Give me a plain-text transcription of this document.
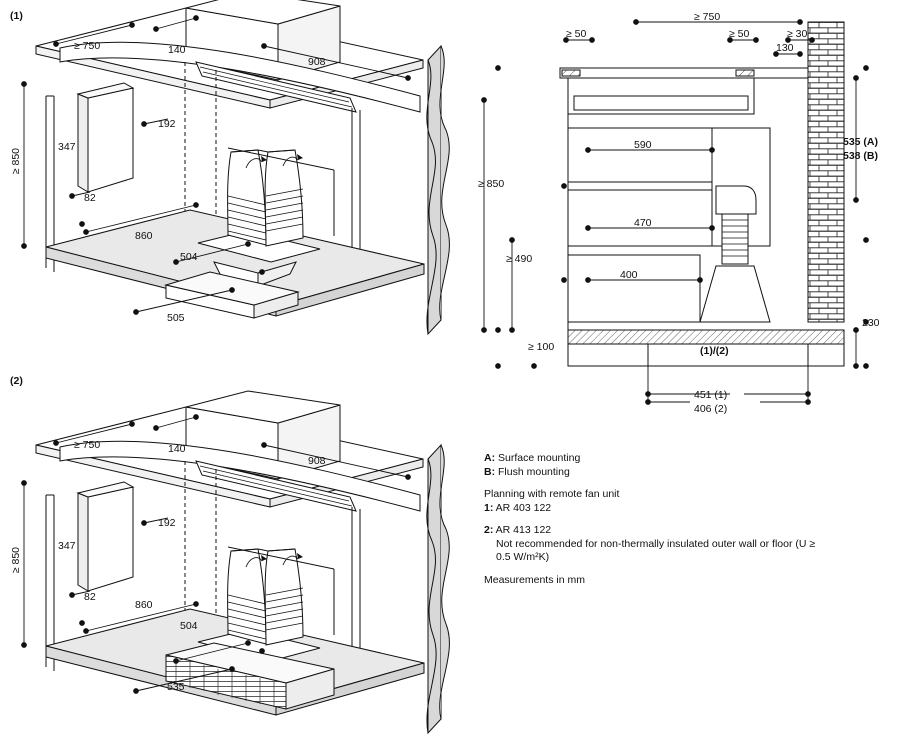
(1)
(2)
≥ 750	140
908
192
347
82
≥ 850
860
504
505
≥ 750	140
908
192
347
82
≥ 850
860
504
535
≥ 50
≥ 750
≥ 50
130
≥ 30
590
470
400
≥ 850
≥ 490
≥ 100
535 (A)
538 (B)
230
(1)/(2)
451 (1)
406 (2)

A: Surface mounting
B: Flush mounting

Planning with remote fan unit
1: AR 403 122

2: AR 413 122

Not recommended for non-thermally insulated outer wall or floor (U ≥
0.5 W/m²K)

Measurements in mm
